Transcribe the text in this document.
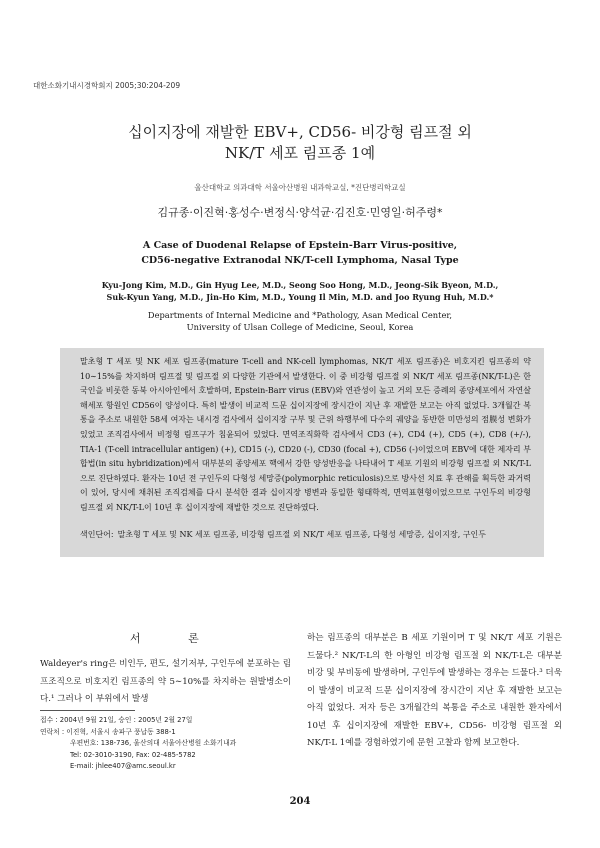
대한소화기내시경학회지 2005;30:204-209
십이지장에 재발한 EBV+, CD56- 비강형 림프절 외
NK/T 세포 림프종 1예
울산대학교 의과대학 서울아산병원 내과학교실, *진단병리학교실
김규종·이진혁·홍성수·변정식·양석균·김진호·민영일·허주령*
A Case of Duodenal Relapse of Epstein-Barr Virus-positive,
CD56-negative Extranodal NK/T-cell Lymphoma, Nasal Type
Kyu-Jong Kim, M.D., Gin Hyug Lee, M.D., Seong Soo Hong, M.D., Jeong-Sik Byeon, M.D.,
Suk-Kyun Yang, M.D., Jin-Ho Kim, M.D., Young Il Min, M.D. and Joo Ryung Huh, M.D.*
Departments of Internal Medicine and *Pathology, Asan Medical Center,
University of Ulsan College of Medicine, Seoul, Korea

말초형 T 세포 및 NK 세포 림프종(mature T-cell and NK-cell lymphomas, NK/T 세포 림프종)은 비호지킨 림프종의 약 10∼15%를 차지하며 림프절 및 림프절 외 다양한 기관에서 발생한다. 이 중 비강형 림프절 외 NK/T 세포 림프종(NK/T-L)은 한국인을 비롯한 동북 아시아인에서 호발하며, Epstein-Barr virus (EBV)와 연관성이 높고 거의 모든 증례의 종양세포에서 자연살해세포 항원인 CD56이 양성이다. 특히 발생이 비교적 드문 십이지장에 장시간이 지난 후 재발한 보고는 아직 없었다. 3개월간 복통을 주소로 내원한 58세 여자는 내시경 검사에서 십이지장 구부 및 근위 하행부에 다수의 궤양을 동반한 미만성의 점膜성 변화가 있었고 조직검사에서 비정형 림프구가 침윤되어 있었다. 면역조직화학 검사에서 CD3 (+), CD4 (+), CD5 (+), CD8 (+/-), TIA-1 (T-cell intracellular antigen) (+), CD15 (-), CD20 (-), CD30 (focal +), CD56 (-)이었으며 EBV에 대한 제자리 부합법(in situ hybridization)에서 대부분의 종양세포 핵에서 강한 양성반응을 나타내어 T 세포 기원의 비강형 림프절 외 NK/T-L으로 진단하였다. 환자는 10년 전 구인두의 다형성 세망증(polymorphic reticulosis)으로 방사선 치료 후 관해를 획득한 과거력이 있어, 당시에 채취된 조직검체를 다시 분석한 결과 십이지장 병변과 동일한 형태학적, 면역표현형이었으므로 구인두의 비강형 림프절 외 NK/T-L이 10년 후 십이지장에 재발한 것으로 진단하였다.

색인단어: 말초형 T 세포 및 NK 세포 림프종, 비강형 림프절 외 NK/T 세포 림프종, 다형성 세망증, 십이지장, 구인두
서 론

Waldeyer's ring은 비인두, 편도, 설기저부, 구인두에 분포하는 림프조직으로 비호지킨 림프종의 약 5∼10%를 차지하는 원발병소이다.¹ 그러나 이 부위에서 발생

접수 : 2004년 9월 21일, 승인 : 2005년 2월 27일
연락처 : 이진혁, 서울시 송파구 풍납동 388-1
우편번호: 138-736, 울산의대 서울아산병원 소화기내과
Tel: 02-3010-3190, Fax: 02-485-5782
E-mail: jhlee407@amc.seoul.kr

하는 림프종의 대부분은 B 세포 기원이며 T 및 NK/T 세포 기원은 드물다.² NK/T-L의 한 아형인 비강형 림프절 외 NK/T-L은 대부분 비강 및 부비동에 발생하며, 구인두에 발생하는 경우는 드물다.³ 더욱이 발생이 비교적 드문 십이지장에 장시간이 지난 후 재발한 보고는 아직 없었다. 저자 등은 3개월간의 복통을 주소로 내원한 환자에서 10년 후 십이지장에 재발한 EBV+, CD56- 비강형 림프절 외 NK/T-L 1예를 경험하였기에 문헌 고찰과 함께 보고한다.

204
